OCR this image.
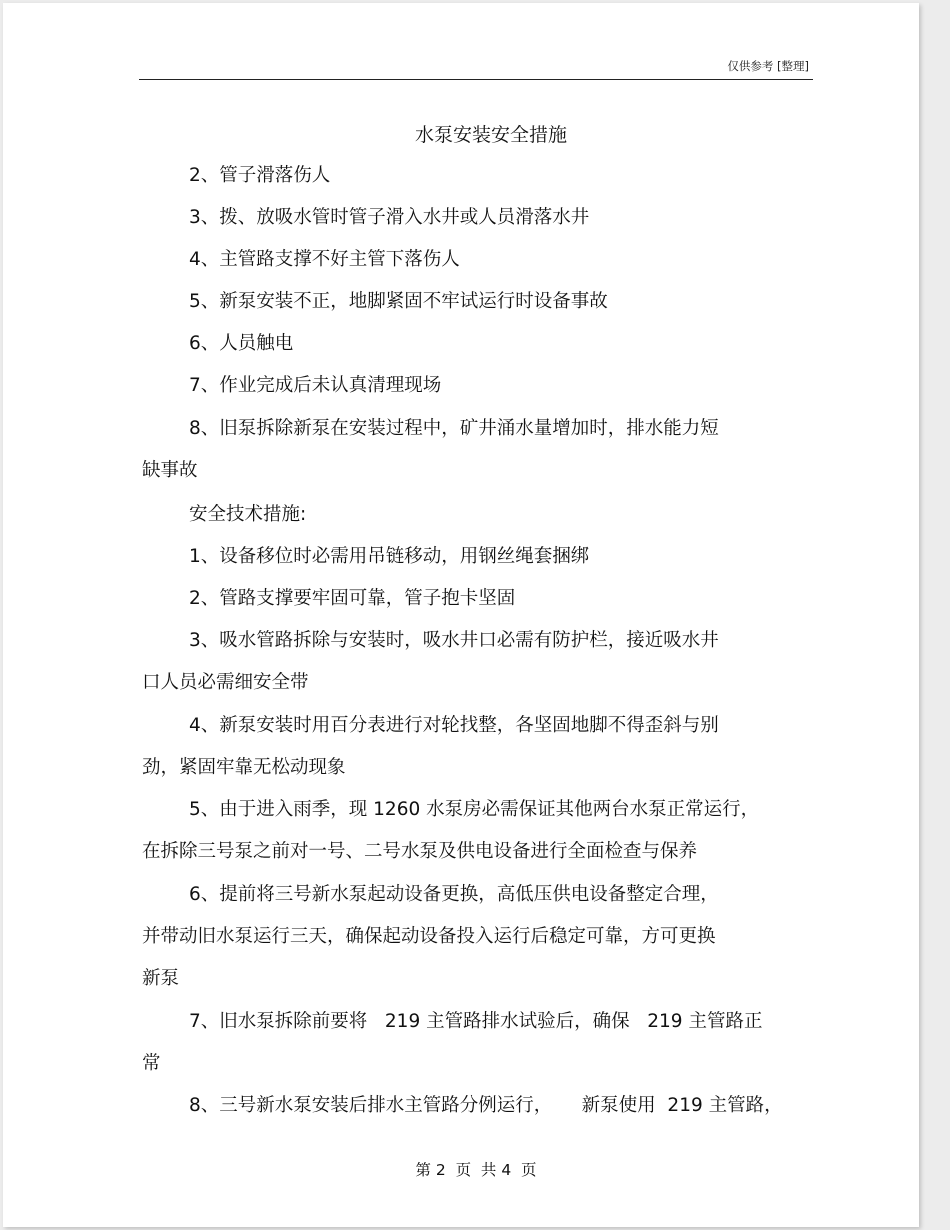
仅供参考 [整理]
水泵安装安全措施
2、管子滑落伤人
3、拨、放吸水管时管子滑入水井或人员滑落水井
4、主管路支撑不好主管下落伤人
5、新泵安装不正，地脚紧固不牢试运行时设备事故
6、人员触电
7、作业完成后未认真清理现场
8、旧泵拆除新泵在安装过程中，矿井涌水量增加时，排水能力短
缺事故
安全技术措施:
1、设备移位时必需用吊链移动，用钢丝绳套捆绑
2、管路支撑要牢固可靠，管子抱卡坚固
3、吸水管路拆除与安装时，吸水井口必需有防护栏，接近吸水井
口人员必需细安全带
4、新泵安装时用百分表进行对轮找整，各坚固地脚不得歪斜与别
劲，紧固牢靠无松动现象
5、由于进入雨季，现 1260 水泵房必需保证其他两台水泵正常运行，
在拆除三号泵之前对一号、二号水泵及供电设备进行全面检查与保养
6、提前将三号新水泵起动设备更换，高低压供电设备整定合理，
并带动旧水泵运行三天，确保起动设备投入运行后稳定可靠，方可更换
新泵
7、旧水泵拆除前要将   219 主管路排水试验后，确保   219 主管路正
常
8、三号新水泵安装后排水主管路分例运行，     新泵使用  219 主管路，
第 2  页  共 4  页
